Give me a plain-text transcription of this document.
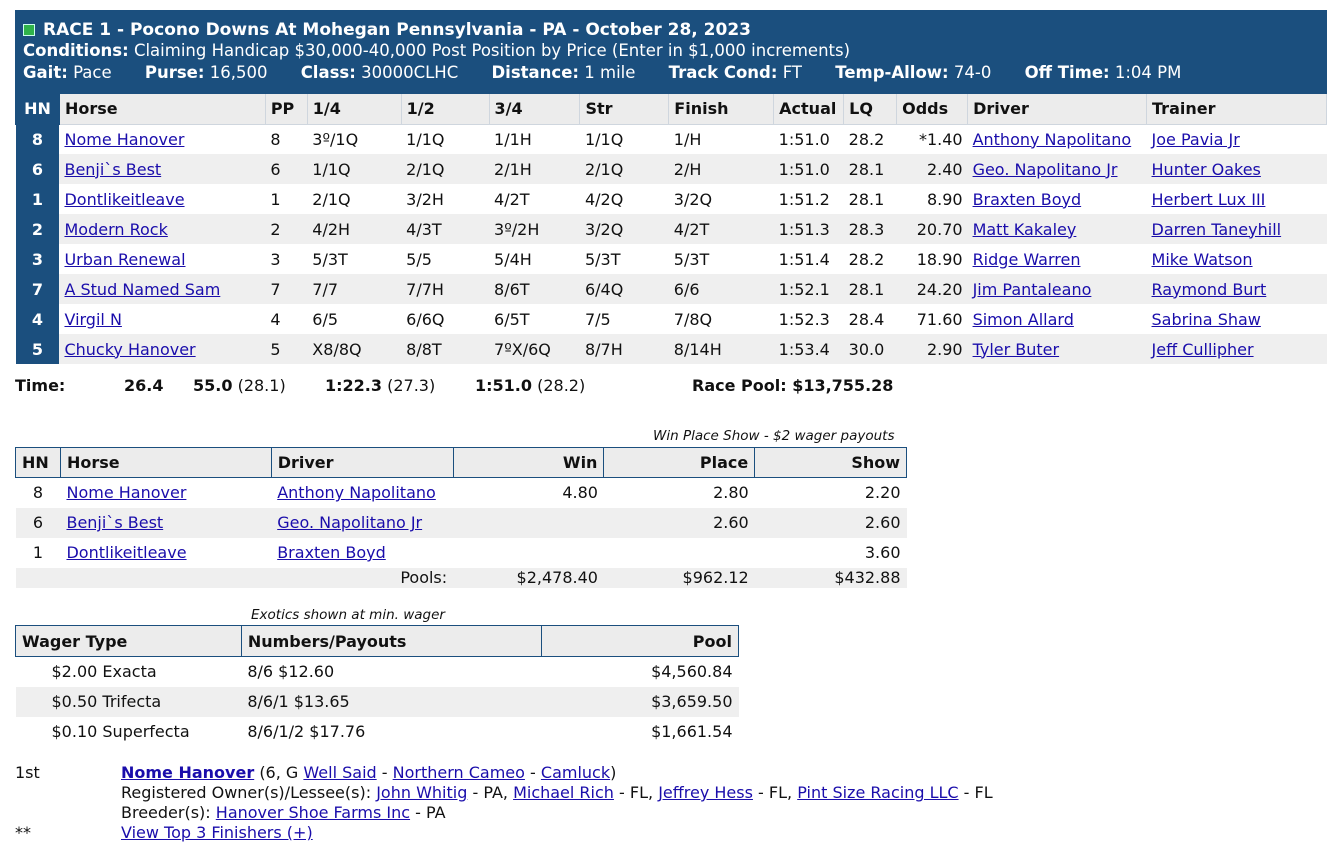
RACE 1 - Pocono Downs At Mohegan Pennsylvania - PA - October 28, 2023
Conditions: Claiming Handicap $30,000-40,000 Post Position by Price (Enter in $1,000 increments)
Gait: Pace Purse: 16,500 Class: 30000CLHC Distance: 1 mile Track Cond: FT Temp-Allow: 74-0 Off Time: 1:04 PM
HN	Horse	PP	1/4	1/2	3/4	Str	Finish	Actual	LQ	Odds	Driver	Trainer
8	Nome Hanover	8	3º/1Q	1/1Q	1/1H	1/1Q	1/H	1:51.0	28.2	*1.40	Anthony Napolitano	Joe Pavia Jr
6	Benji`s Best	6	1/1Q	2/1Q	2/1H	2/1Q	2/H	1:51.0	28.1	2.40	Geo. Napolitano Jr	Hunter Oakes
1	Dontlikeitleave	1	2/1Q	3/2H	4/2T	4/2Q	3/2Q	1:51.2	28.1	8.90	Braxten Boyd	Herbert Lux III
2	Modern Rock	2	4/2H	4/3T	3º/2H	3/2Q	4/2T	1:51.3	28.3	20.70	Matt Kakaley	Darren Taneyhill
3	Urban Renewal	3	5/3T	5/5	5/4H	5/3T	5/3T	1:51.4	28.2	18.90	Ridge Warren	Mike Watson
7	A Stud Named Sam	7	7/7	7/7H	8/6T	6/4Q	6/6	1:52.1	28.1	24.20	Jim Pantaleano	Raymond Burt
4	Virgil N	4	6/5	6/6Q	6/5T	7/5	7/8Q	1:52.3	28.4	71.60	Simon Allard	Sabrina Shaw
5	Chucky Hanover	5	X8/8Q	8/8T	7ºX/6Q	8/7H	8/14H	1:53.4	30.0	2.90	Tyler Buter	Jeff Cullipher
Time:	26.4 55.0 (28.1) 1:22.3 (27.3) 1:51.0 (28.2)	Race Pool: $13,755.28
Win Place Show - $2 wager payouts
HN	Horse	Driver	Win	Place	Show
8	Nome Hanover	Anthony Napolitano	4.80	2.80	2.20
6	Benji`s Best	Geo. Napolitano Jr		2.60	2.60
1	Dontlikeitleave	Braxten Boyd			3.60
		Pools:	$2,478.40	$962.12	$432.88
Exotics shown at min. wager
Wager Type	Numbers/Payouts	Pool
$2.00 Exacta	8/6 $12.60	$4,560.84
$0.50 Trifecta	8/6/1 $13.65	$3,659.50
$0.10 Superfecta	8/6/1/2 $17.76	$1,661.54
1st	Nome Hanover (6, G Well Said - Northern Cameo - Camluck)
Registered Owner(s)/Lessee(s): John Whitig - PA, Michael Rich - FL, Jeffrey Hess - FL, Pint Size Racing LLC - FL
Breeder(s): Hanover Shoe Farms Inc - PA
**	View Top 3 Finishers (+)
